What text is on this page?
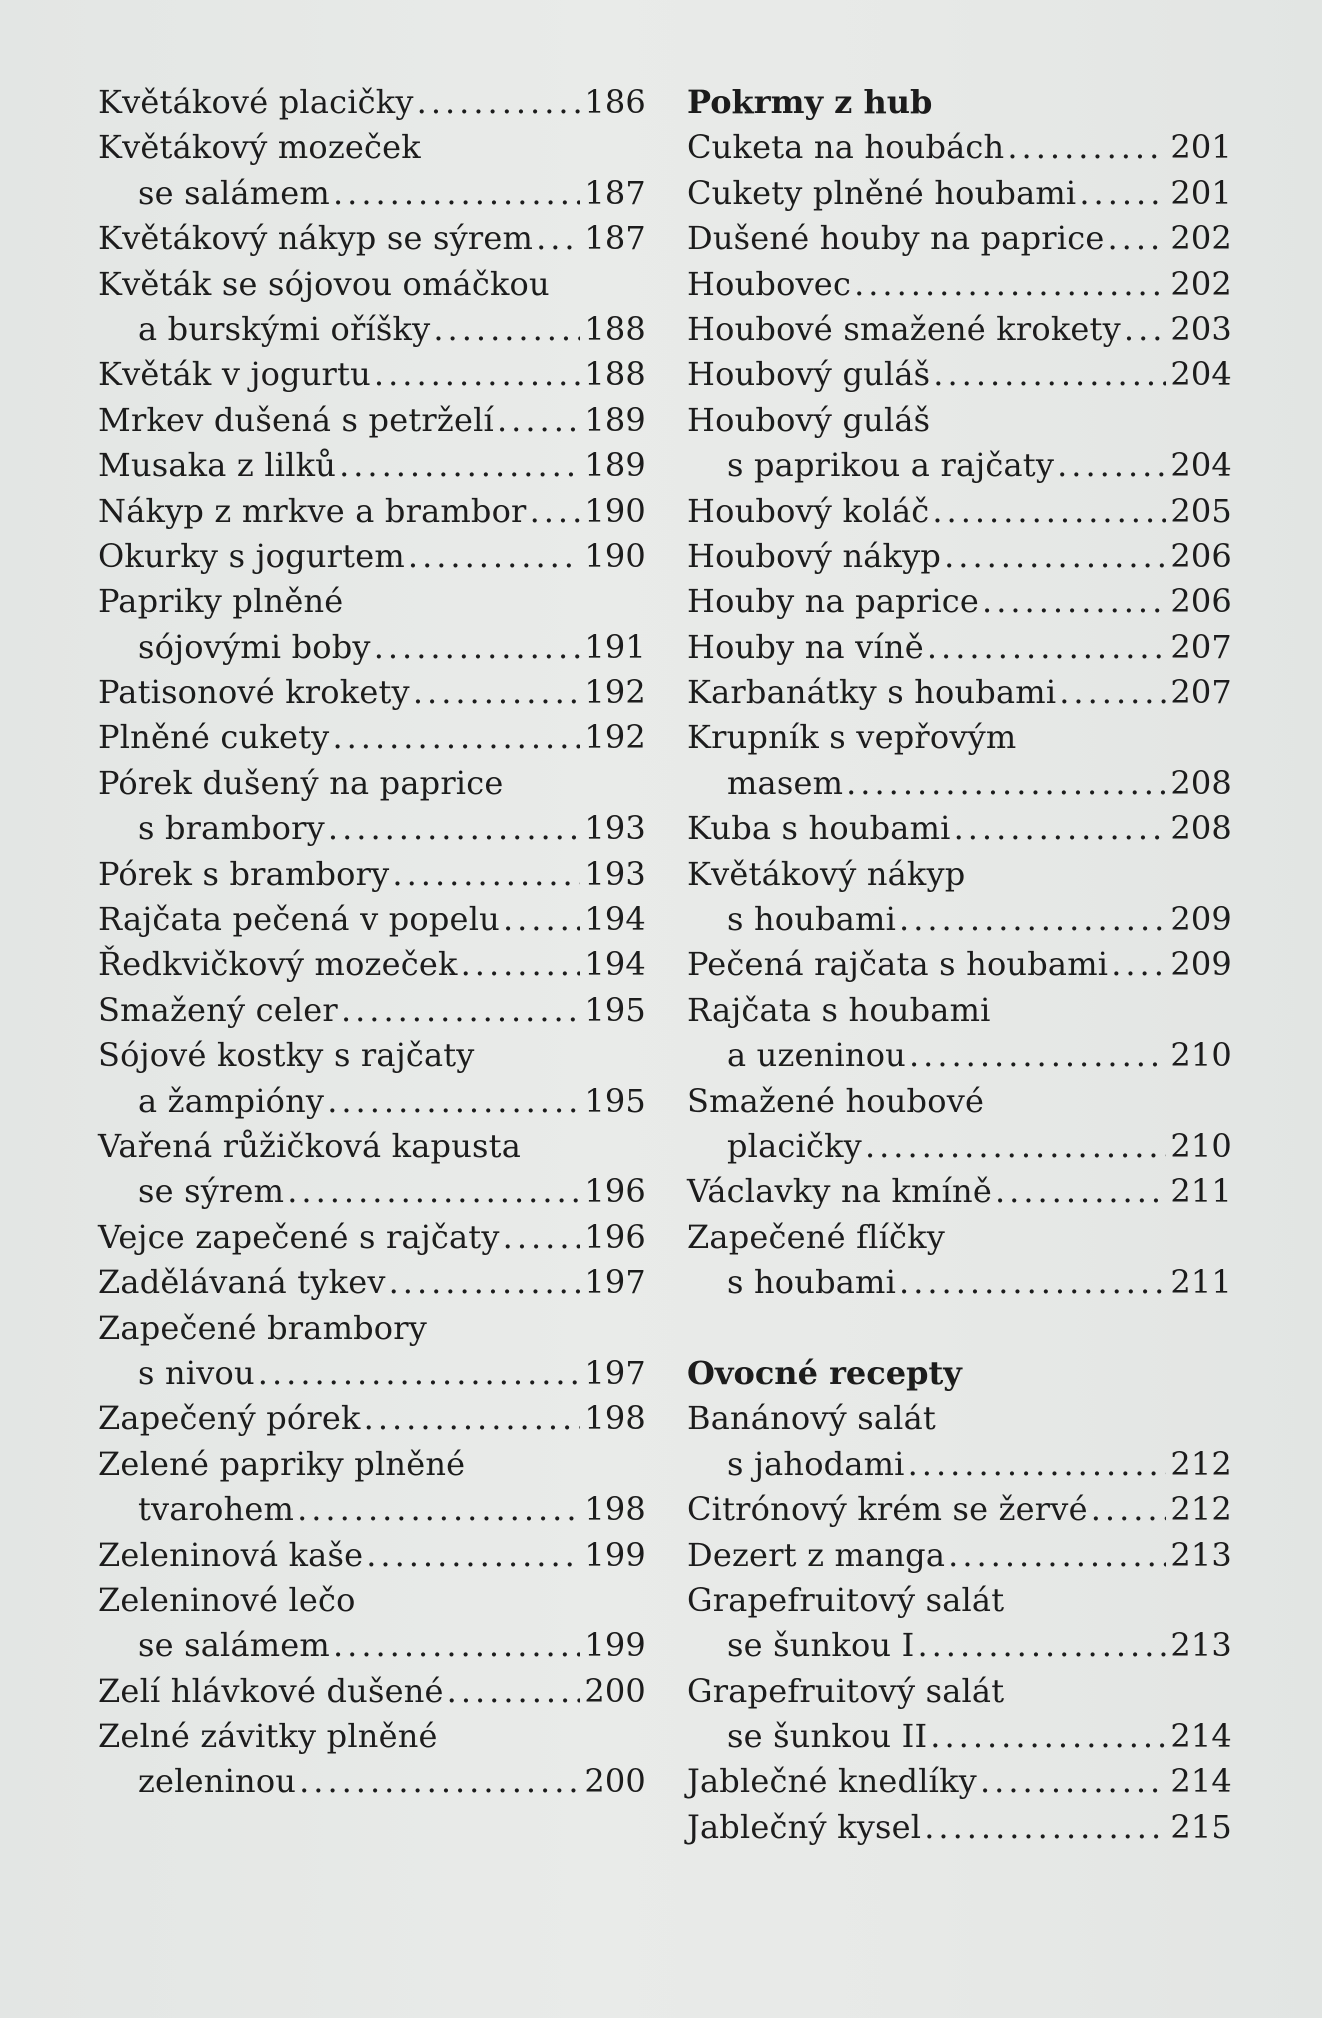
Květákové placičky .....	186
Květákový mozeček
se salámem .....	187
Květákový nákyp se sýrem ..... 187
Květák se sójovou omáčkou
a burskými oříšky .....	188
Květák v jogurtu .....	188
Mrkev dušená s petrželí .....	189
Musaka z lilků .....	189
Nákyp z mrkve a brambor ..... 190
Okurky s jogurtem .....	190
Papriky plněné
sójovými boby .....	191
Patisonové krokety .....	192
Plněné cukety .....	192
Pórek dušený na paprice
s brambory .....	193
Pórek s brambory .....	193
Rajčata pečená v popelu .....	194
Ředkvičkový mozeček .....	194
Smažený celer .....	195
Sójové kostky s rajčaty
a žampióny .....	195
Vařená růžičková kapusta
se sýrem .....	196
Vejce zapečené s rajčaty .....	196
Zadělávaná tykev .....	197
Zapečené brambory
s nivou .....	197
Zapečený pórek .....	198
Zelené papriky plněné
tvarohem .....	198
Zeleninová kaše .....	199
Zeleninové lečo
se salámem .....	199
Zelí hlávkové dušené .....	200
Zelné závitky plněné
zeleninou .....	200
Pokrmy z hub
Cuketa na houbách .....	201
Cukety plněné houbami .....	201
Dušené houby na paprice ..... 202
Houbovec .....	202
Houbové smažené krokety ..... 203
Houbový guláš .....	204
Houbový guláš
s paprikou a rajčaty .....	204
Houbový koláč .....	205
Houbový nákyp .....	206
Houby na paprice .....	206
Houby na víně .....	207
Karbanátky s houbami .....	207
Krupník s vepřovým
masem .....	208
Kuba s houbami .....	208
Květákový nákyp
s houbami .....	209
Pečená rajčata s houbami ..... 209
Rajčata s houbami
a uzeninou .....	210
Smažené houbové
placičky .....	210
Václavky na kmíně .....	211
Zapečené flíčky
s houbami .....	211
Ovocné recepty
Banánový salát
s jahodami .....	212
Citrónový krém se žervé .....	212
Dezert z manga .....	213
Grapefruitový salát
se šunkou I .....	213
Grapefruitový salát
se šunkou II .....	214
Jablečné knedlíky .....	214
Jablečný kysel .....	215
